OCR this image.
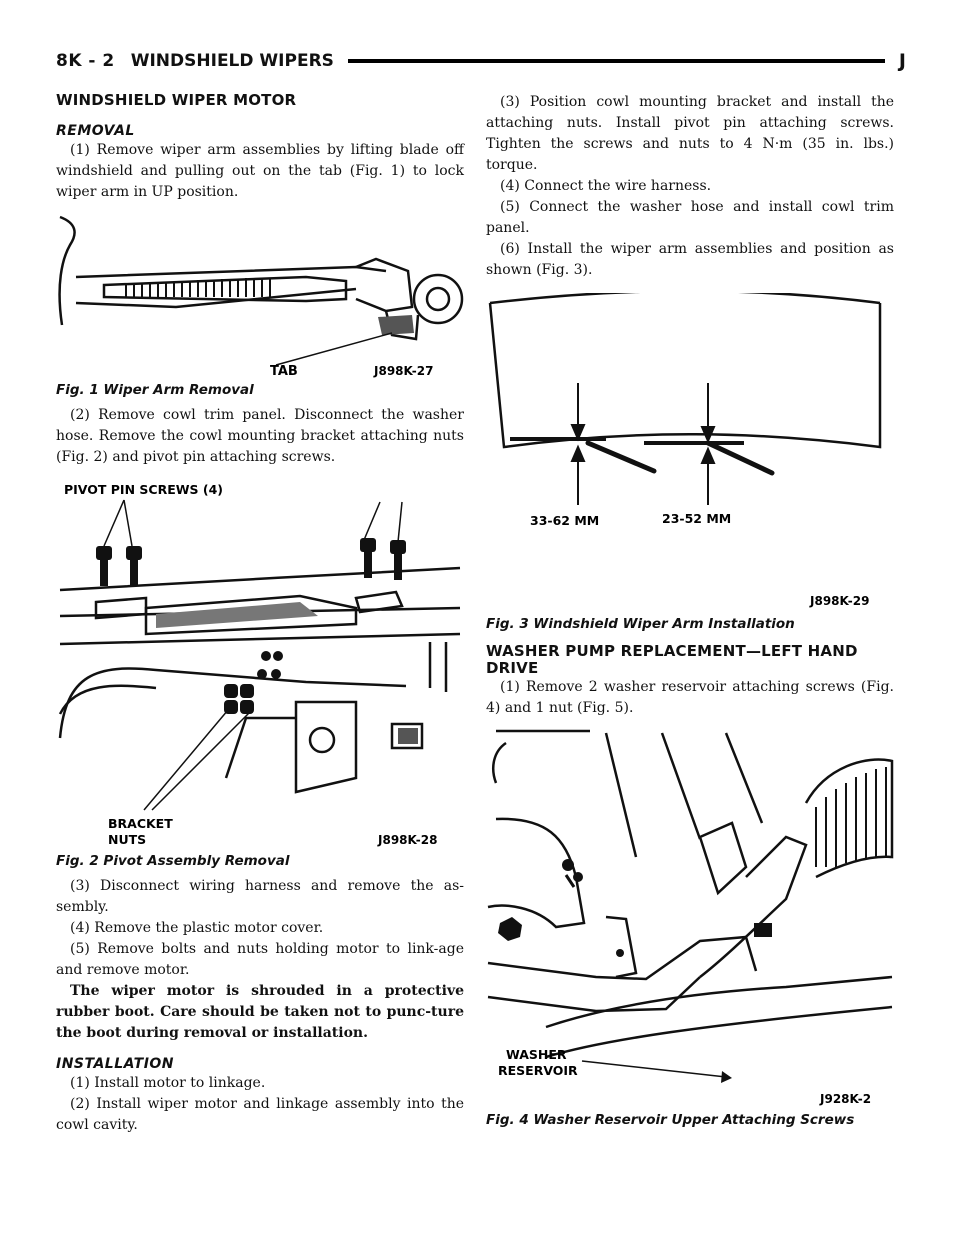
8K - 2 WINDSHIELD WIPERS	J
WINDSHIELD WIPER MOTOR
REMOVAL

(1) Remove wiper arm assemblies by lifting blade off windshield and pulling out on the tab (Fig. 1) to lock wiper arm in UP position.

TAB	J898K-27
Fig. 1 Wiper Arm Removal

(2) Remove cowl trim panel. Disconnect the washer hose. Remove the cowl mounting bracket attaching nuts (Fig. 2) and pivot pin attaching screws.

PIVOT PIN SCREWS (4)
BRACKET
NUTS	J898K-28
Fig. 2 Pivot Assembly Removal

(3) Disconnect wiring harness and remove the as-sembly.

(4) Remove the plastic motor cover.

(5) Remove bolts and nuts holding motor to link-age and remove motor.

The wiper motor is shrouded in a protective rubber boot. Care should be taken not to punc-ture the boot during removal or installation.

INSTALLATION

(1) Install motor to linkage.

(2) Install wiper motor and linkage assembly into the cowl cavity.

(3) Position cowl mounting bracket and install the attaching nuts. Install pivot pin attaching screws. Tighten the screws and nuts to 4 N·m (35 in. lbs.) torque.

(4) Connect the wire harness.

(5) Connect the washer hose and install cowl trim panel.

(6) Install the wiper arm assemblies and position as shown (Fig. 3).

33-62 MM	23-52 MM
J898K-29
Fig. 3 Windshield Wiper Arm Installation
WASHER PUMP REPLACEMENT—LEFT HAND
DRIVE

(1) Remove 2 washer reservoir attaching screws (Fig. 4) and 1 nut (Fig. 5).

WASHER
RESERVOIR
J928K-2
Fig. 4 Washer Reservoir Upper Attaching Screws
